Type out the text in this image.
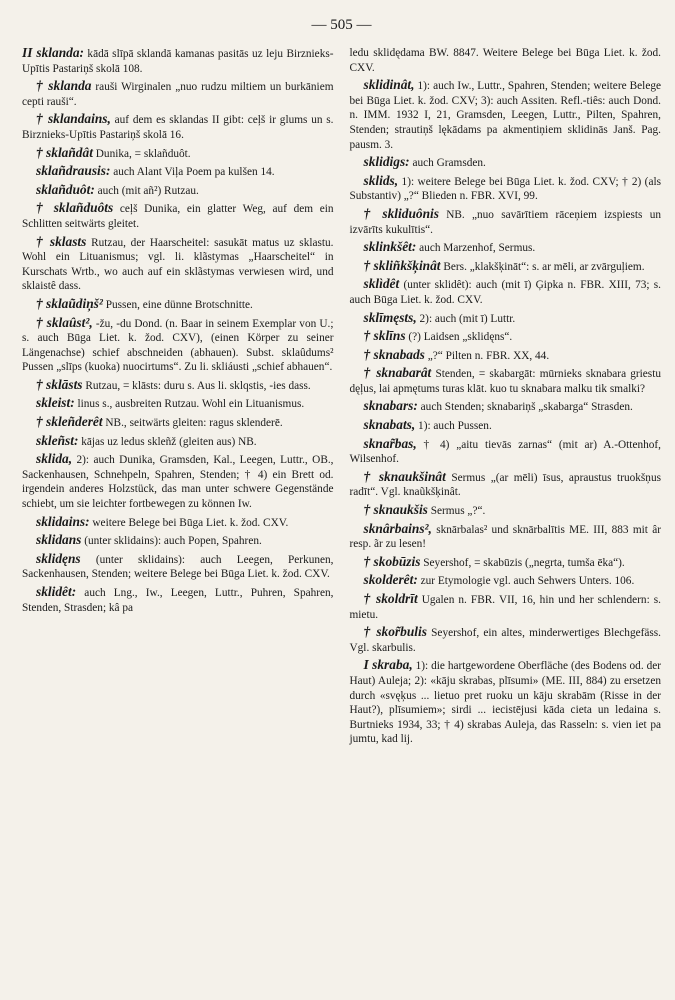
— 505 —

II sklanda: kādā slīpā sklandā kamanas pasitās uz leju Birznieks-Upītis Pastariņš skolā 108.

† sklanda rauši Wirginalen „nuo rudzu miltiem un burkāniem cepti rauši“.

† sklandains, auf dem es sklandas II gibt: ceļš ir glums un s. Birznieks-Upītis Pastariņš skolā 16.

† sklañdât Dunika, = sklañduôt.

sklañdrausis: auch Alant Viļa Poem pa kulšen 14.

sklañduôt: auch (mit añ²) Rutzau.

† sklañduôts ceļš Dunika, ein glatter Weg, auf dem ein Schlitten seitwärts gleitet.

† sklasts Rutzau, der Haarscheitel: sasukāt matus uz sklastu. Wohl ein Lituanismus; vgl. li. klãstymas „Haarscheitel“ in Kurschats Wrtb., wo auch auf ein sklãstymas verwiesen wird, und sklaistê dass.

† sklaũdiņš² Pussen, eine dünne Brotschnitte.

† sklaûst², -žu, -du Dond. (n. Baar in seinem Exemplar von U.; s. auch Būga Liet. k. žod. CXV), (einen Körper zu seiner Längenachse) schief abschneiden (abhauen). Subst. sklaûdums² Pussen „slīps (kuoka) nuocirtums“. Zu li. skliáusti „schief abhauen“.

† sklāsts Rutzau, = klāsts: duru s. Aus li. sklqstis, -ies dass.

skleist: linus s., ausbreiten Rutzau. Wohl ein Lituanismus.

† skleñderêt NB., seitwärts gleiten: ragus sklenderē.

skleñst: kājas uz ledus skleñž (gleiten aus) NB.

sklida, 2): auch Dunika, Gramsden, Kal., Leegen, Luttr., OB., Sackenhausen, Schnehpeln, Spahren, Stenden; † 4) ein Brett od. irgendein anderes Holzstück, das man unter schwere Gegenstände schiebt, um sie leichter fortbewegen zu können Iw.

sklidains: weitere Belege bei Būga Liet. k. žod. CXV.

sklidans (unter sklidains): auch Popen, Spahren.

sklidęns (unter sklidains): auch Leegen, Perkunen, Sackenhausen, Stenden; weitere Belege bei Būga Liet. k. žod. CXV.

sklidêt: auch Lng., Iw., Leegen, Luttr., Puhren, Spahren, Stenden, Strasden; kâ pa

ledu sklidędama BW. 8847. Weitere Belege bei Būga Liet. k. žod. CXV.

sklidinât, 1): auch Iw., Luttr., Spahren, Stenden; weitere Belege bei Būga Liet. k. žod. CXV; 3): auch Assiten. Refl.-tiês: auch Dond. n. IMM. 1932 I, 21, Gramsden, Leegen, Luttr., Pilten, Spahren, Stenden; strautiņš lękādams pa akmentiņiem sklidinās Janš. Pag. pausm. 3.

sklidigs: auch Gramsden.

sklids, 1): weitere Belege bei Būga Liet. k. žod. CXV; † 2) (als Substantiv) „?“ Blieden n. FBR. XVI, 99.

† skliduônis NB. „nuo savārītiem rāceņiem izspiests un izvārīts kukulītis“.

sklinkšêt: auch Marzenhof, Sermus.

† skliñkšķinât Bers. „klakšķināt“: s. ar mēli, ar zvārguļiem.

sklìdêt (unter sklidêt): auch (mit ī) Ģipka n. FBR. XIII, 73; s. auch Būga Liet. k. žod. CXV.

sklīmęsts, 2): auch (mit ī) Luttr.

† sklīns (?) Laidsen „sklidęns“.

† sknabads „?“ Pilten n. FBR. XX, 44.

† sknabarât Stenden, = skabargāt: mūrnieks sknabara griestu dęļus, lai apmętums turas klāt. kuo tu sknabara malku tik smalki?

sknabars: auch Stenden; sknabariņš „skabarga“ Strasden.

sknabats, 1): auch Pussen.

sknar̃bas, † 4) „aitu tievās zarnas“ (mit ar) A.-Ottenhof, Wilsenhof.

† sknaukšinât Sermus „(ar mēli) īsus, apraustus truokšņus radīt“. Vgl. knaũkšķinât.

† sknaukšis Sermus „?“.

sknârbains², sknārbalas² und sknārbalītis ME. III, 883 mit âr resp. ãr zu lesen!

† skobūzis Seyershof, = skabūzis („negrta, tumša ēka“).

skolderêt: zur Etymologie vgl. auch Sehwers Unters. 106.

† skoldrīt Ugalen n. FBR. VII, 16, hin und her schlendern: s. mietu.

† skor̃bulis Seyershof, ein altes, minderwertiges Blechgefäss. Vgl. skarbulis.

I skraba, 1): die hartgewordene Oberfläche (des Bodens od. der Haut) Auleja; 2): «kāju skrabas, plīsumi» (ME. III, 884) zu ersetzen durch «svęķus ... lietuo pret ruoku un kāju skrabām (Risse in der Haut?), plīsumiem»; sirdi ... iecistējusi kāda cieta un ledaina s. Burtnieks 1934, 33; † 4) skrabas Auleja, das Rasseln: s. vien iet pa jumtu, kad lij.
